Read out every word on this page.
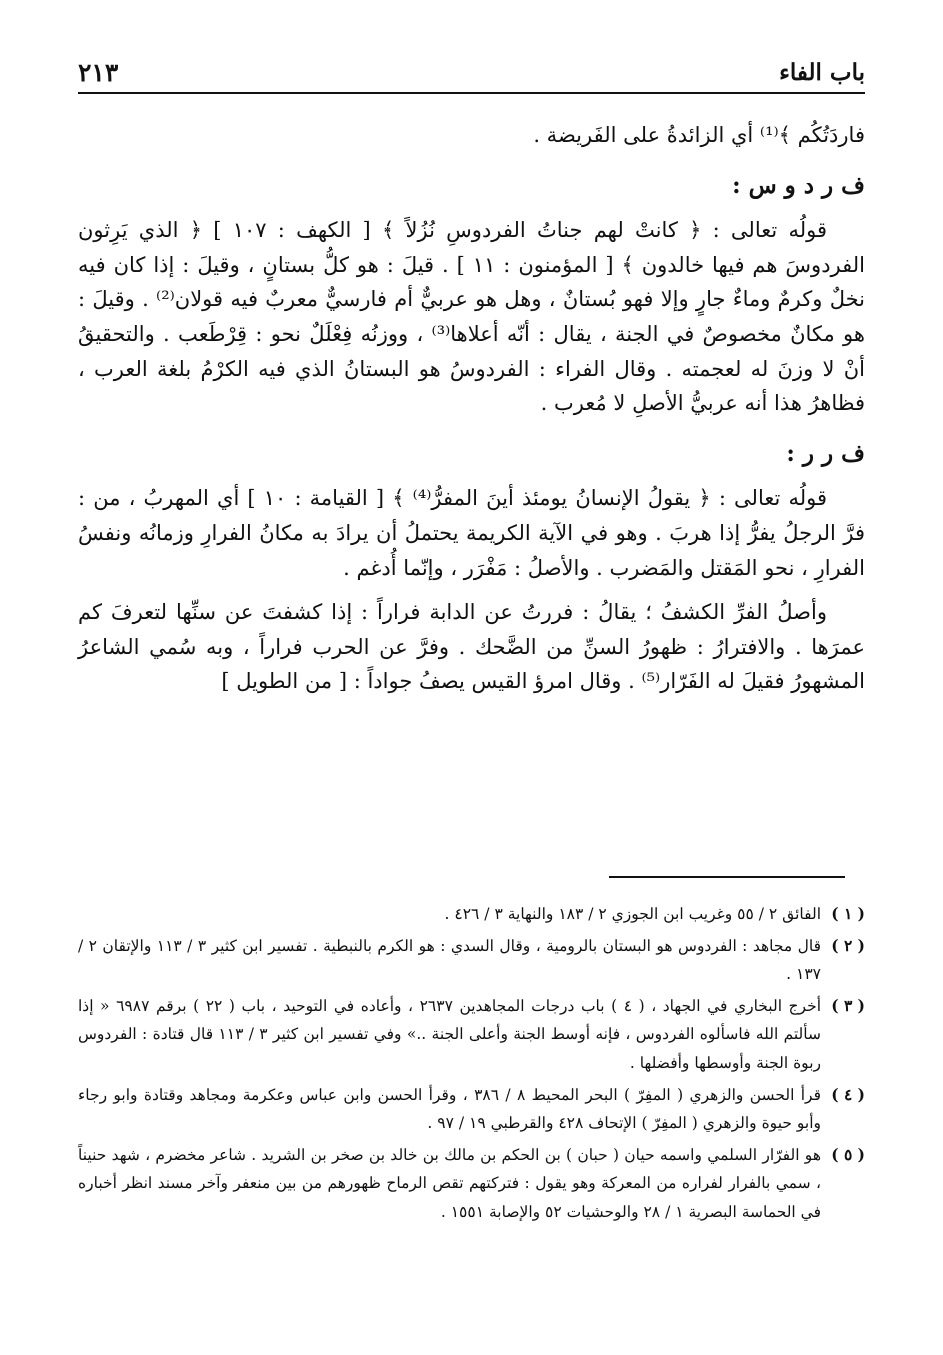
باب الفاء
٢١٣

فاردَتُكُم ﴾⁽¹⁾ أي الزائدةُ على الفَريضة .

ف ر د و س :

قولُه تعالى : ﴿ كانتْ لهم جناتُ الفردوسِ نُزُلاً ﴾ [ الكهف : ١٠٧ ] ﴿ الذي يَرِثون الفردوسَ هم فيها خالدون ﴾ [ المؤمنون : ١١ ] . قيلَ : هو كلُّ بستانٍ ، وقيلَ : إذا كان فيه نخلٌ وكرمٌ وماءٌ جارٍ وإلا فهو بُستانٌ ، وهل هو عربيٌّ أم فارسيٌّ معربٌ فيه قولان⁽²⁾ . وقيلَ : هو مكانٌ مخصوصٌ في الجنة ، يقال : أنّه أعلاها⁽³⁾ ، ووزنُه فِعْلَلٌ نحو : قِرْطَعب . والتحقيقُ أنْ لا وزنَ له لعجمته . وقال الفراء : الفردوسُ هو البستانُ الذي فيه الكرْمُ بلغة العرب ، فظاهرُ هذا أنه عربيُّ الأصلِ لا مُعرب .

ف ر ر :

قولُه تعالى : ﴿ يقولُ الإنسانُ يومئذ أينَ المفرُّ⁽⁴⁾ ﴾ [ القيامة : ١٠ ] أي المهربُ ، من : فرَّ الرجلُ يفرُّ إذا هربَ . وهو في الآية الكريمة يحتملُ أن يرادَ به مكانُ الفرارِ وزمانُه ونفسُ الفرارِ ، نحو المَقتل والمَضرب . والأصلُ : مَفْرَر ، وإنّما أُدغم .

وأصلُ الفرِّ الكشفُ ؛ يقالُ : فررتُ عن الدابة فراراً : إذا كشفتَ عن سنِّها لتعرفَ كم عمرَها . والافترارُ : ظهورُ السنِّ من الضَّحك . وفرَّ عن الحرب فراراً ، وبه سُمي الشاعرُ المشهورُ فقيلَ له الفَرّار⁽⁵⁾ . وقال امرؤ القيس يصفُ جواداً : [ من الطويل ]

( ١ )
الفائق ٢ / ٥٥ وغريب ابن الجوزي ٢ / ١٨٣ والنهاية ٣ / ٤٢٦ .
( ٢ )
قال مجاهد : الفردوس هو البستان بالرومية ، وقال السدي : هو الكرم بالنبطية . تفسير ابن كثير ٣ / ١١٣ والإتقان ٢ / ١٣٧ .
( ٣ )
أخرج البخاري في الجهاد ، ( ٤ ) باب درجات المجاهدين ٢٦٣٧ ، وأعاده في التوحيد ، باب ( ٢٢ ) برقم ٦٩٨٧ « إذا سألتم الله فاسألوه الفردوس ، فإنه أوسط الجنة وأعلى الجنة ..» وفي تفسير ابن كثير ٣ / ١١٣ قال قتادة : الفردوس ربوة الجنة وأوسطها وأفضلها .
( ٤ )
قرأ الحسن والزهري ( المفِرّ ) البحر المحيط ٨ / ٣٨٦ ، وقرأ الحسن وابن عباس وعكرمة ومجاهد وقتادة وابو رجاء وأبو حيوة والزهري ( المفِرّ ) الإتحاف ٤٢٨ والقرطبي ١٩ / ٩٧ .
( ٥ )
هو الفرّار السلمي واسمه حيان ( حبان ) بن الحكم بن مالك بن خالد بن صخر بن الشريد . شاعر مخضرم ، شهد حنيناً ، سمي بالفرار لفراره من المعركة وهو يقول : فتركتهم تقص الرماح ظهورهم من بين منعفر وآخر مسند انظر أخباره في الحماسة البصرية ١ / ٢٨ والوحشيات ٥٢ والإصابة ١٥٥١ .
